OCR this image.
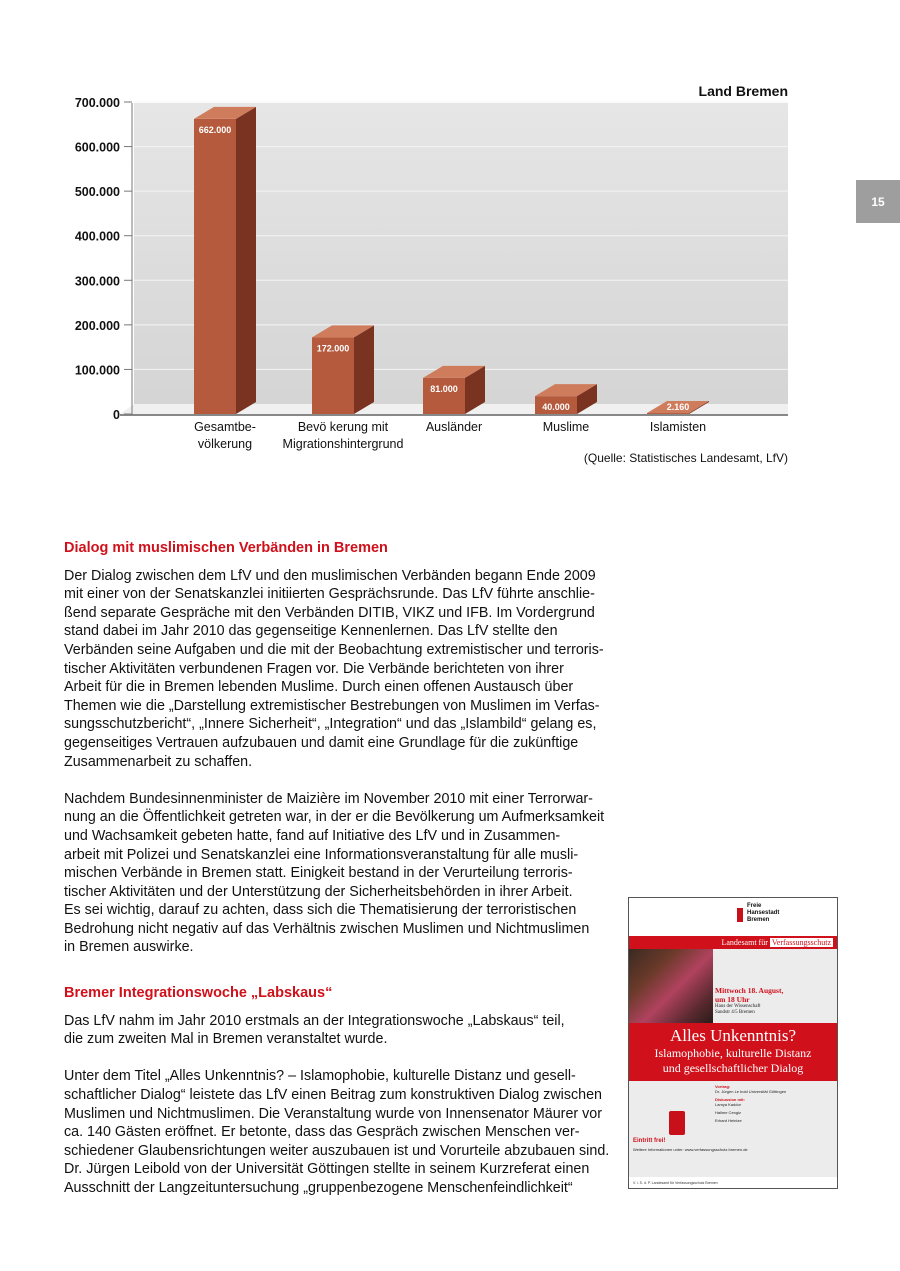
662.000
172.000
81.000
40.000	2.160
0
100.000
200.000
300.000
400.000
500.000
600.000
700.000
Gesamtbe-
völkerung
Bevö kerung mit
Migrationshintergrund
Ausländer	Muslime	Islamisten
Land Bremen
(Quelle: Statistisches Landesamt, LfV)
15
Dialog mit muslimischen Verbänden in Bremen
Der Dialog zwischen dem LfV und den muslimischen Verbänden begann Ende 2009
mit einer von der Senatskanzlei initiierten Gesprächsrunde. Das LfV führte anschlie-
ßend separate Gespräche mit den Verbänden DITIB, VIKZ und IFB. Im Vordergrund
stand dabei im Jahr 2010 das gegenseitige Kennenlernen. Das LfV stellte den
Verbänden seine Aufgaben und die mit der Beobachtung extremistischer und terroris-
tischer Aktivitäten verbundenen Fragen vor. Die Verbände berichteten von ihrer
Arbeit für die in Bremen lebenden Muslime. Durch einen offenen Austausch über
Themen wie die „Darstellung extremistischer Bestrebungen von Muslimen im Verfas-
sungsschutzbericht“, „Innere Sicherheit“, „Integration“ und das „Islambild“ gelang es,
gegenseitiges Vertrauen aufzubauen und damit eine Grundlage für die zukünftige
Zusammenarbeit zu schaffen.
Nachdem Bundesinnenminister de Maizière im November 2010 mit einer Terrorwar-
nung an die Öffentlichkeit getreten war, in der er die Bevölkerung um Aufmerksamkeit
und Wachsamkeit gebeten hatte, fand auf Initiative des LfV und in Zusammen-
arbeit mit Polizei und Senatskanzlei eine Informationsveranstaltung für alle musli-
mischen Verbände in Bremen statt. Einigkeit bestand in der Verurteilung terroris-
tischer Aktivitäten und der Unterstützung der Sicherheitsbehörden in ihrer Arbeit.
Es sei wichtig, darauf zu achten, dass sich die Thematisierung der terroristischen
Bedrohung nicht negativ auf das Verhältnis zwischen Muslimen und Nichtmuslimen
in Bremen auswirke.
Bremer Integrationswoche „Labskaus“
Das LfV nahm im Jahr 2010 erstmals an der Integrationswoche „Labskaus“ teil,
die zum zweiten Mal in Bremen veranstaltet wurde.
Unter dem Titel „Alles Unkenntnis? – Islamophobie, kulturelle Distanz und gesell-
schaftlicher Dialog“ leistete das LfV einen Beitrag zum konstruktiven Dialog zwischen
Muslimen und Nichtmuslimen. Die Veranstaltung wurde von Innensenator Mäurer vor
ca. 140 Gästen eröffnet. Er betonte, dass das Gespräch zwischen Menschen ver-
schiedener Glaubensrichtungen weiter auszubauen ist und Vorurteile abzubauen sind.
Dr. Jürgen Leibold von der Universität Göttingen stellte in seinem Kurzreferat einen
Ausschnitt der Langzeituntersuchung „gruppenbezogene Menschenfeindlichkeit“
Freie
Hansestadt
Bremen
Landesamt für Verfassungsschutz
Mittwoch 18. August,
um 18 Uhr
Haus der Wissenschaft
Sandstr 4/5 Bremen
Alles Unkenntnis?
Islamophobie, kulturelle Distanz
und gesellschaftlicher Dialog
Vortrag:
Dr. Jürgen Le bold Universität Göttingen
Diskussion mit:
Lamya Kaddor
Halime Cengiz
Erhard Heintze
Eintritt frei!
Weitere Informationen unter: www.verfassungsschutz.bremen.de
V. i. S. d. P. Landesamt für Verfassungsschutz Bremen
